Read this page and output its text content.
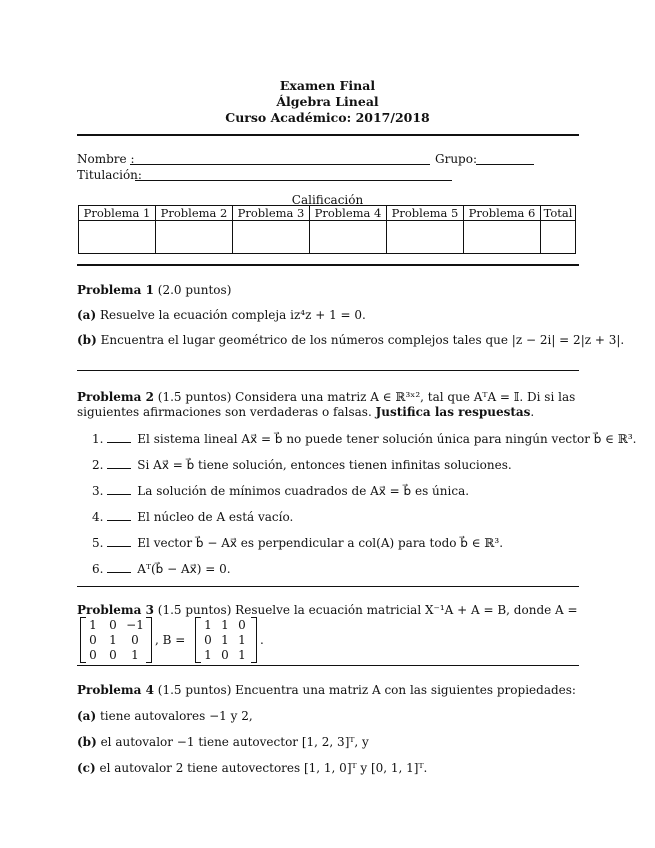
Examen Final
Álgebra Lineal
Curso Académico: 2017/2018
Nombre :	Grupo:
Titulación:
Calificación
Problema 1	Problema 2	Problema 3	Problema 4	Problema 5	Problema 6	Total

Problema 1 (2.0 puntos)
(a) Resuelve la ecuación compleja iz⁴z + 1 = 0.
(b) Encuentra el lugar geométrico de los números complejos tales que |z − 2i| = 2|z + 3|.
Problema 2 (1.5 puntos) Considera una matriz A ∈ ℝ³ˣ², tal que AᵀA = 𝕀. Di si las
siguientes afirmaciones son verdaderas o falsas. Justifica las respuestas.
1.	El sistema lineal Ax⃗ = b⃗ no puede tener solución única para ningún vector b⃗ ∈ ℝ³.
2.	Si Ax⃗ = b⃗ tiene solución, entonces tienen infinitas soluciones.
3.	La solución de mínimos cuadrados de Ax⃗ = b⃗ es única.
4.	El núcleo de A está vacío.
5.	El vector b⃗ − Ax⃗ es perpendicular a col(A) para todo b⃗ ∈ ℝ³.
6.	Aᵀ(b⃗ − Ax⃗) = 0.
Problema 3 (1.5 puntos) Resuelve la ecuación matricial X⁻¹A + A = B, donde A =
1	0 −1
0	1	0
0	0	1
, B =
1 1 0
0 1 1
1 0 1
.
Problema 4 (1.5 puntos) Encuentra una matriz A con las siguientes propiedades:
(a) tiene autovalores −1 y 2,
(b) el autovalor −1 tiene autovector [1, 2, 3]ᵀ, y
(c) el autovalor 2 tiene autovectores [1, 1, 0]ᵀ y [0, 1, 1]ᵀ.
